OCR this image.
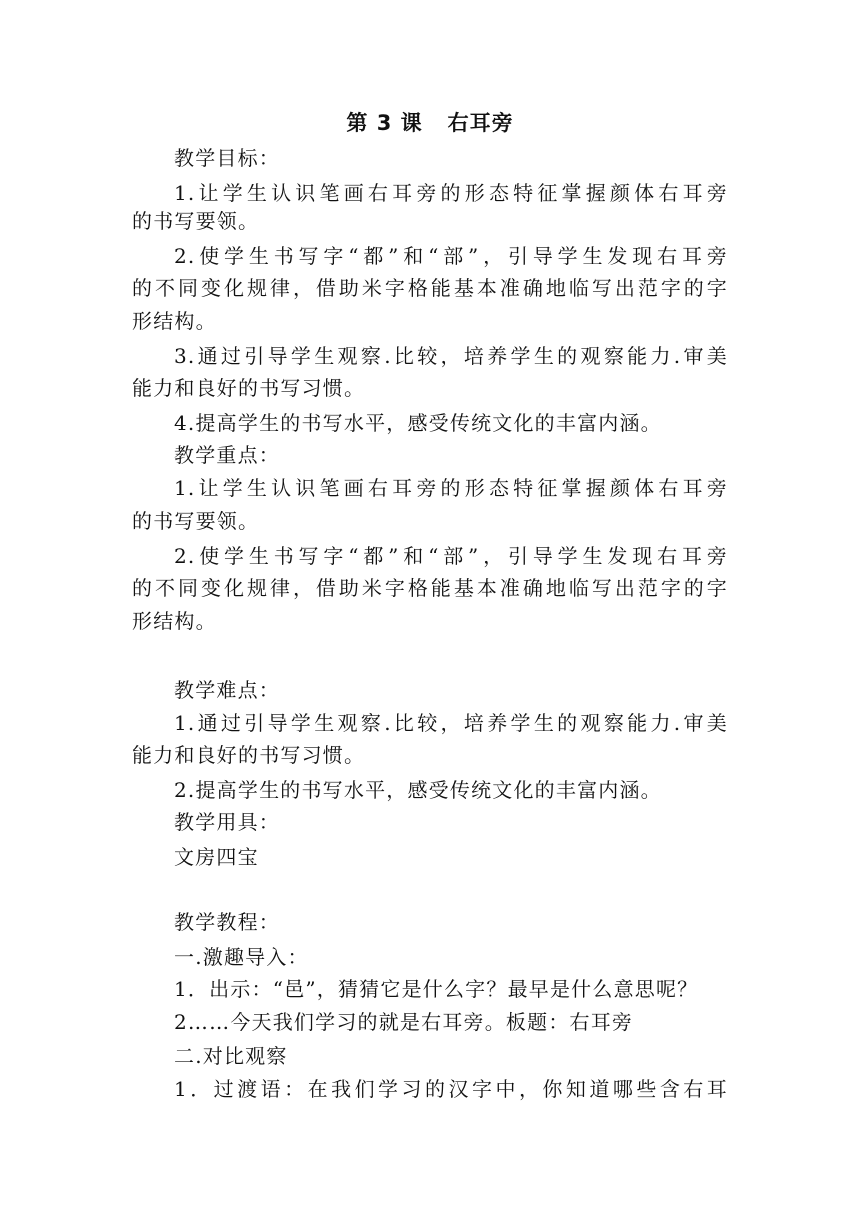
第 3 课   右耳旁
教学目标：
1.让学生认识笔画右耳旁的形态特征掌握颜体右耳旁
的书写要领。
2.使学生书写字“都”和“部”，引导学生发现右耳旁
的不同变化规律，借助米字格能基本准确地临写出范字的字
形结构。
3.通过引导学生观察.比较，培养学生的观察能力.审美
能力和良好的书写习惯。
4.提高学生的书写水平，感受传统文化的丰富内涵。
教学重点：
1.让学生认识笔画右耳旁的形态特征掌握颜体右耳旁
的书写要领。
2.使学生书写字“都”和“部”，引导学生发现右耳旁
的不同变化规律，借助米字格能基本准确地临写出范字的字
形结构。
教学难点：
1.通过引导学生观察.比较，培养学生的观察能力.审美
能力和良好的书写习惯。
2.提高学生的书写水平，感受传统文化的丰富内涵。
教学用具：
文房四宝
教学教程：
一.激趣导入：
1．出示：“邑”，猜猜它是什么字？最早是什么意思呢？
2……今天我们学习的就是右耳旁。板题：右耳旁
二.对比观察
1．过渡语：在我们学习的汉字中，你知道哪些含右耳
